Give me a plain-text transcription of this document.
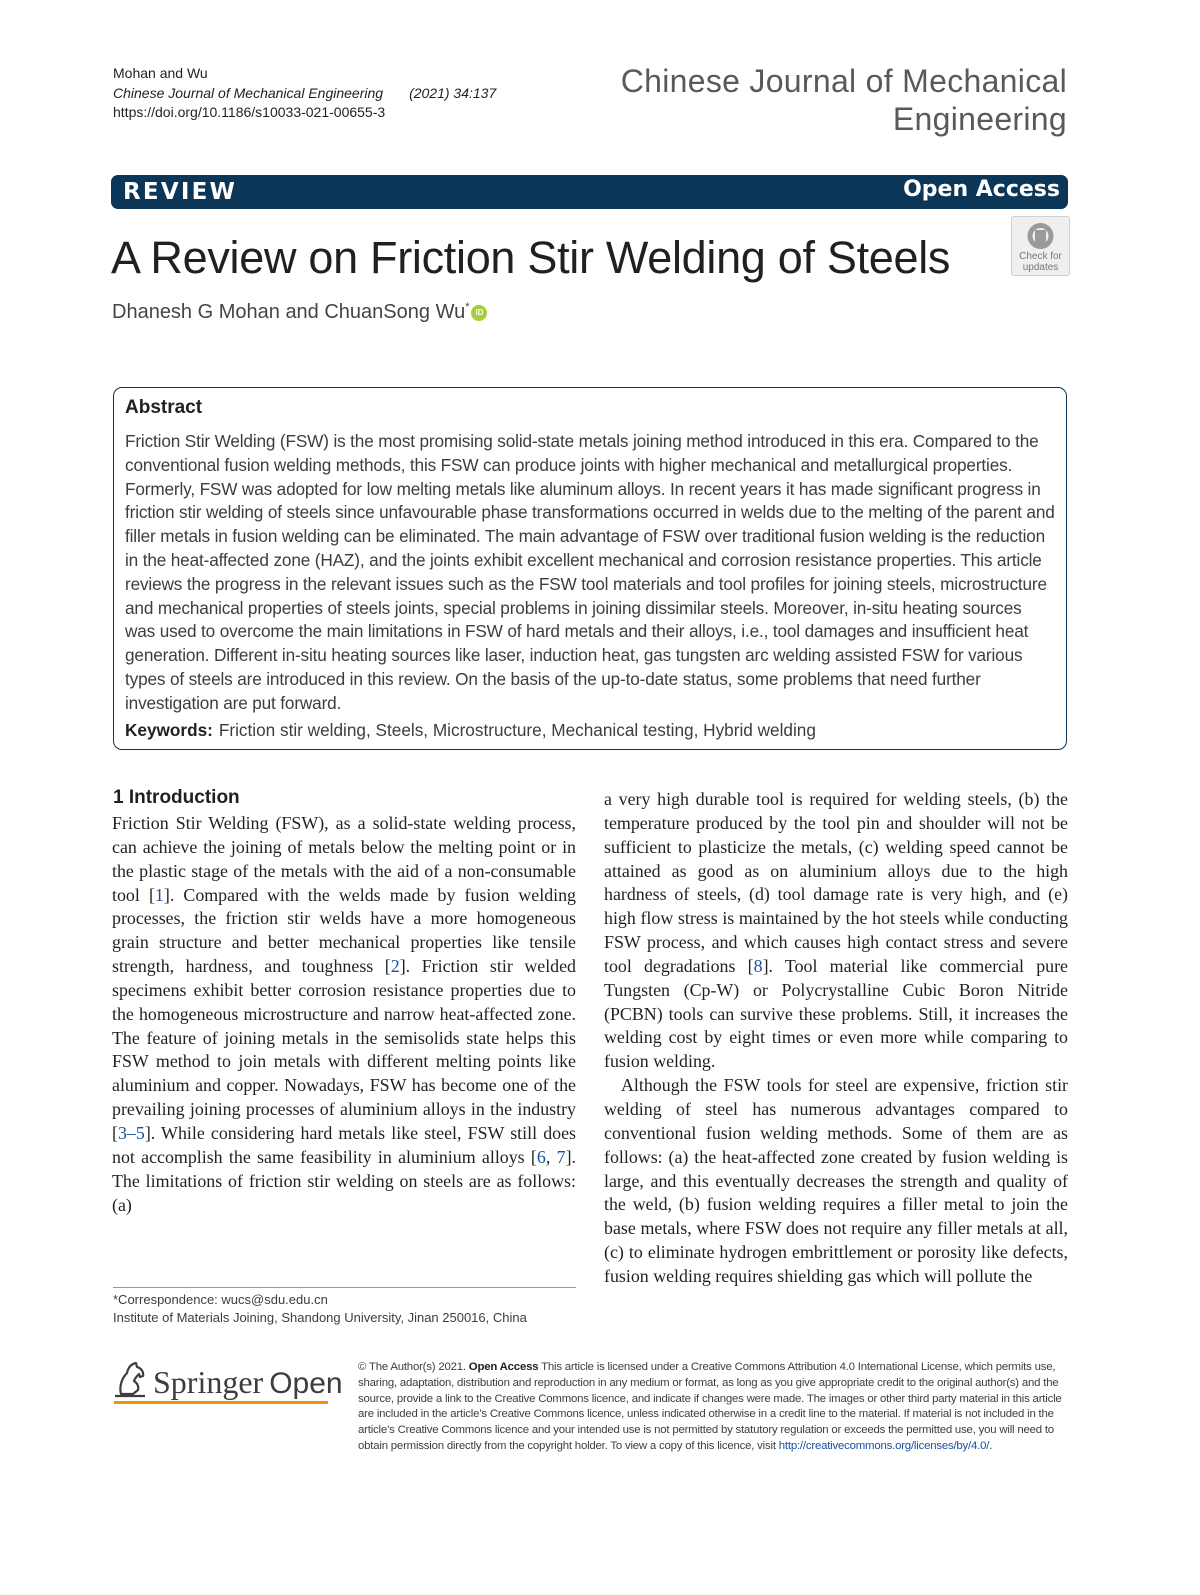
Mohan and Wu
Chinese Journal of Mechanical Engineering (2021) 34:137
https://doi.org/10.1186/s10033-021-00655-3
Chinese Journal of Mechanical
Engineering
REVIEW	Open Access
A Review on Friction Stir Welding of Steels	Check for
updates
Dhanesh G Mohan and ChuanSong Wu* iD
Abstract
Friction Stir Welding (FSW) is the most promising solid-state metals joining method introduced in this era. Compared to the conventional fusion welding methods, this FSW can produce joints with higher mechanical and metallurgical properties. Formerly, FSW was adopted for low melting metals like aluminum alloys. In recent years it has made significant progress in friction stir welding of steels since unfavourable phase transformations occurred in welds due to the melting of the parent and filler metals in fusion welding can be eliminated. The main advantage of FSW over traditional fusion welding is the reduction in the heat-affected zone (HAZ), and the joints exhibit excellent mechanical and corrosion resistance properties. This article reviews the progress in the relevant issues such as the FSW tool materials and tool profiles for joining steels, microstructure and mechanical properties of steels joints, special problems in joining dissimilar steels. Moreover, in-situ heating sources was used to overcome the main limitations in FSW of hard metals and their alloys, i.e., tool damages and insufficient heat generation. Different in-situ heating sources like laser, induction heat, gas tungsten arc welding assisted FSW for various types of steels are introduced in this review. On the basis of the up-to-date status, some problems that need further investigation are put forward.
Keywords: Friction stir welding, Steels, Microstructure, Mechanical testing, Hybrid welding
1 Introduction

Friction Stir Welding (FSW), as a solid-state welding process, can achieve the joining of metals below the melting point or in the plastic stage of the metals with the aid of a non-consumable tool [1]. Compared with the welds made by fusion welding processes, the friction stir welds have a more homogeneous grain structure and better mechanical properties like tensile strength, hardness, and toughness [2]. Friction stir welded specimens exhibit better corrosion resistance properties due to the homogeneous microstructure and narrow heat-affected zone. The feature of joining metals in the semisolids state helps this FSW method to join metals with different melting points like aluminium and copper. Nowadays, FSW has become one of the prevailing joining processes of aluminium alloys in the industry [3–5]. While considering hard metals like steel, FSW still does not accomplish the same feasibility in aluminium alloys [6, 7]. The limitations of friction stir welding on steels are as follows: (a)

a very high durable tool is required for welding steels, (b) the temperature produced by the tool pin and shoulder will not be sufficient to plasticize the metals, (c) welding speed cannot be attained as good as on aluminium alloys due to the high hardness of steels, (d) tool damage rate is very high, and (e) high flow stress is maintained by the hot steels while conducting FSW process, and which causes high contact stress and severe tool degradations [8]. Tool material like commercial pure Tungsten (Cp-W) or Polycrystalline Cubic Boron Nitride (PCBN) tools can survive these problems. Still, it increases the welding cost by eight times or even more while comparing to fusion welding.

Although the FSW tools for steel are expensive, friction stir welding of steel has numerous advantages compared to conventional fusion welding methods. Some of them are as follows: (a) the heat-affected zone created by fusion welding is large, and this eventually decreases the strength and quality of the weld, (b) fusion welding requires a filler metal to join the base metals, where FSW does not require any filler metals at all, (c) to eliminate hydrogen embrittlement or porosity like defects, fusion welding requires shielding gas which will pollute the

*Correspondence: wucs@sdu.edu.cn
Institute of Materials Joining, Shandong University, Jinan 250016, China
Springer Open © The Author(s) 2021. Open Access This article is licensed under a Creative Commons Attribution 4.0 International License, which permits use, sharing, adaptation, distribution and reproduction in any medium or format, as long as you give appropriate credit to the original author(s) and the source, provide a link to the Creative Commons licence, and indicate if changes were made. The images or other third party material in this article are included in the article’s Creative Commons licence, unless indicated otherwise in a credit line to the material. If material is not included in the article’s Creative Commons licence and your intended use is not permitted by statutory regulation or exceeds the permitted use, you will need to obtain permission directly from the copyright holder. To view a copy of this licence, visit http://creativecommons.org/licenses/by/4.0/.
